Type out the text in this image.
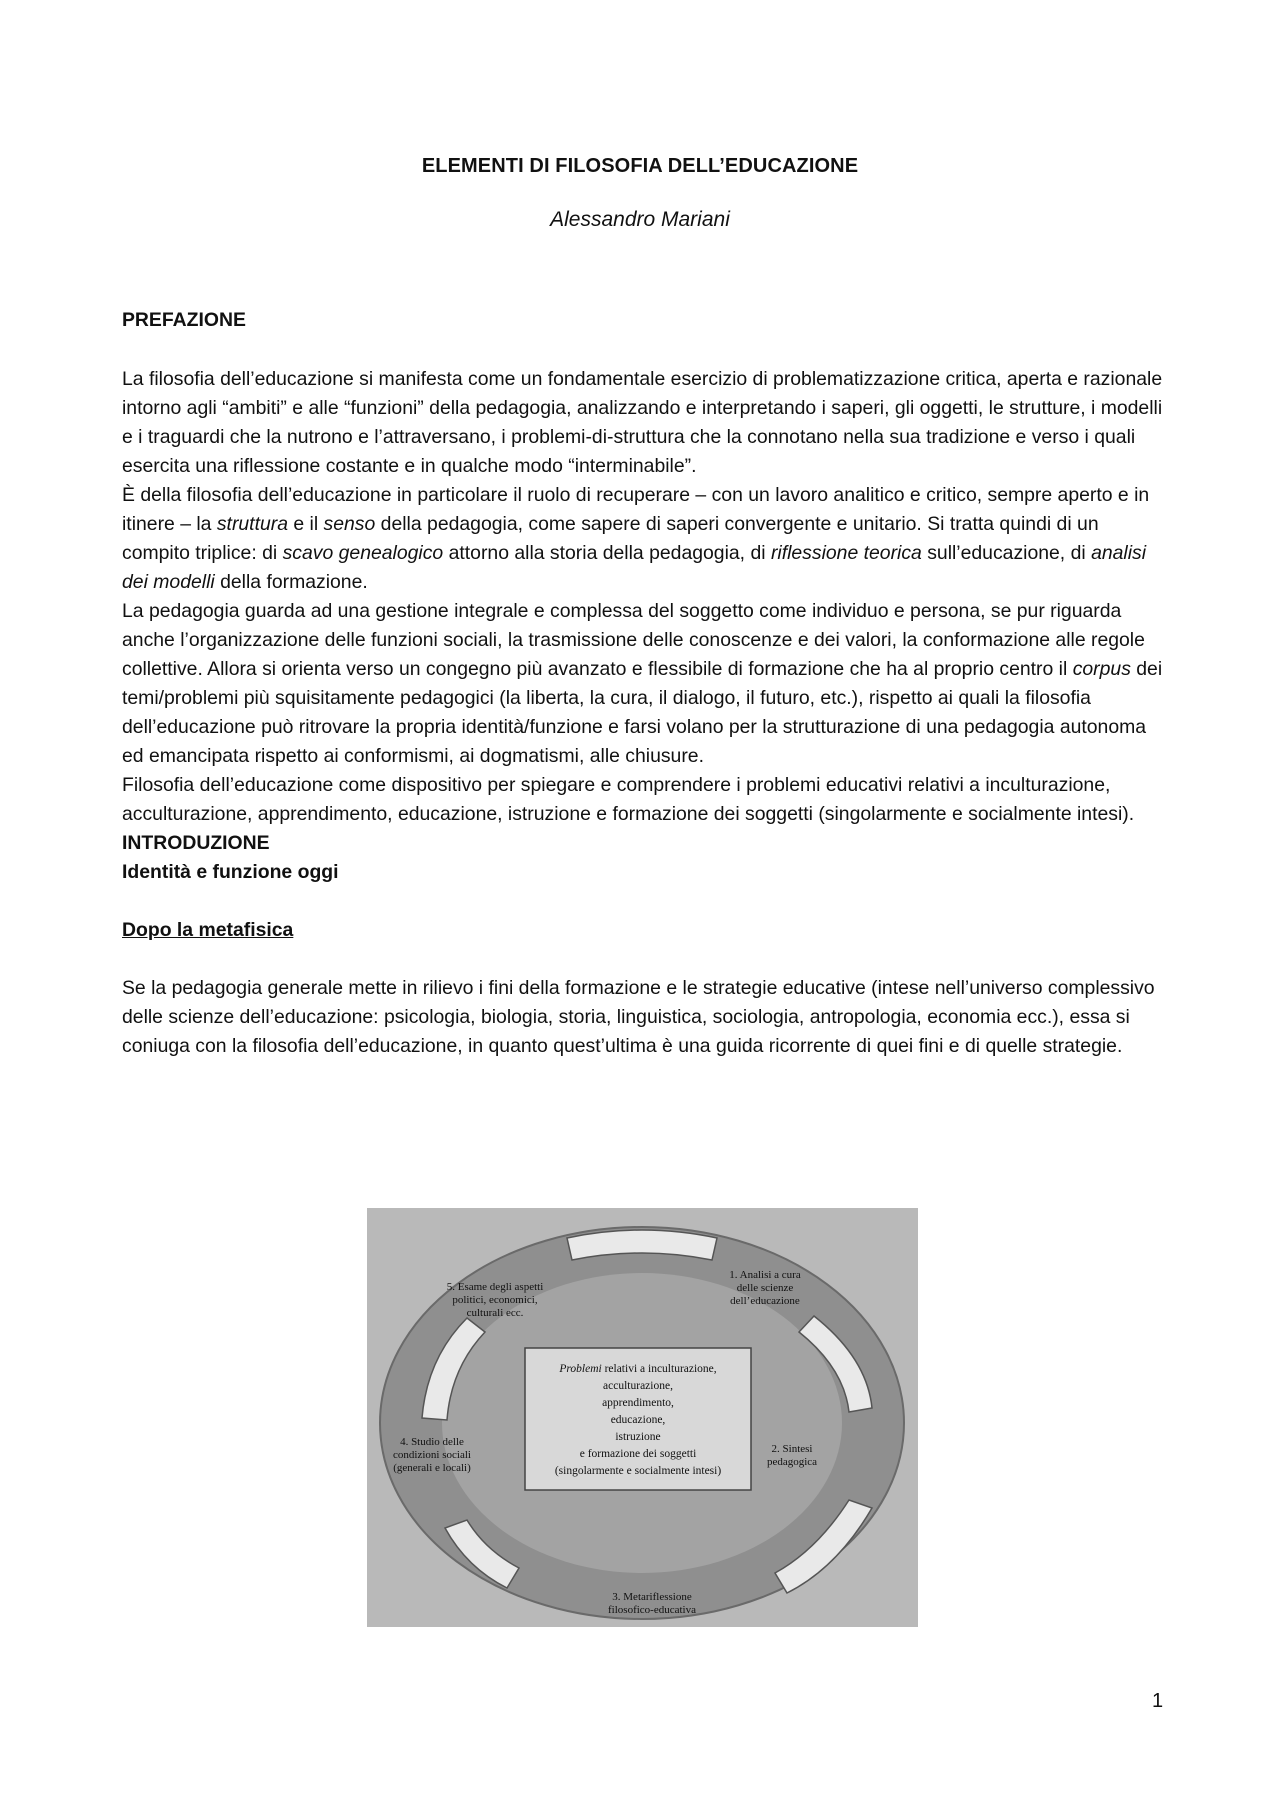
ELEMENTI DI FILOSOFIA DELL’EDUCAZIONE
Alessandro Mariani
PREFAZIONE

La filosofia dell’educazione si manifesta come un fondamentale esercizio di problematizzazione critica, aperta e razionale intorno agli “ambiti” e alle “funzioni” della pedagogia, analizzando e interpretando i saperi, gli oggetti, le strutture, i modelli e i traguardi che la nutrono e l’attraversano, i problemi-di-struttura che la connotano nella sua tradizione e verso i quali esercita una riflessione costante e in qualche modo “interminabile”.

È della filosofia dell’educazione in particolare il ruolo di recuperare – con un lavoro analitico e critico, sempre aperto e in itinere – la struttura e il senso della pedagogia, come sapere di saperi convergente e unitario. Si tratta quindi di un compito triplice: di scavo genealogico attorno alla storia della pedagogia, di riflessione teorica sull’educazione, di analisi dei modelli della formazione.

La pedagogia guarda ad una gestione integrale e complessa del soggetto come individuo e persona, se pur riguarda anche l’organizzazione delle funzioni sociali, la trasmissione delle conoscenze e dei valori, la conformazione alle regole collettive. Allora si orienta verso un congegno più avanzato e flessibile di formazione che ha al proprio centro il corpus dei temi/problemi più squisitamente pedagogici (la liberta, la cura, il dialogo, il futuro, etc.), rispetto ai quali la filosofia dell’educazione può ritrovare la propria identità/funzione e farsi volano per la strutturazione di una pedagogia autonoma ed emancipata rispetto ai conformismi, ai dogmatismi, alle chiusure.

Filosofia dell’educazione come dispositivo per spiegare e comprendere i problemi educativi relativi a inculturazione, acculturazione, apprendimento, educazione, istruzione e formazione dei soggetti (singolarmente e socialmente intesi).

INTRODUZIONE
Identità e funzione oggi
Dopo la metafisica

Se la pedagogia generale mette in rilievo i fini della formazione e le strategie educative (intese nell’universo complessivo delle scienze dell’educazione: psicologia, biologia, storia, linguistica, sociologia, antropologia, economia ecc.), essa si coniuga con la filosofia dell’educazione, in quanto quest’ultima è una guida ricorrente di quei fini e di quelle strategie.

Problemi relativi a inculturazione, acculturazione, apprendimento, educazione, istruzione e formazione dei soggetti (singolarmente e socialmente intesi)
1. Analisi a cura delle scienze dell’educazione
2. Sintesi pedagogica
3. Metariflessione filosofico-educativa
4. Studio delle condizioni sociali (generali e locali)
5. Esame degli aspetti politici, economici, culturali ecc.
1
